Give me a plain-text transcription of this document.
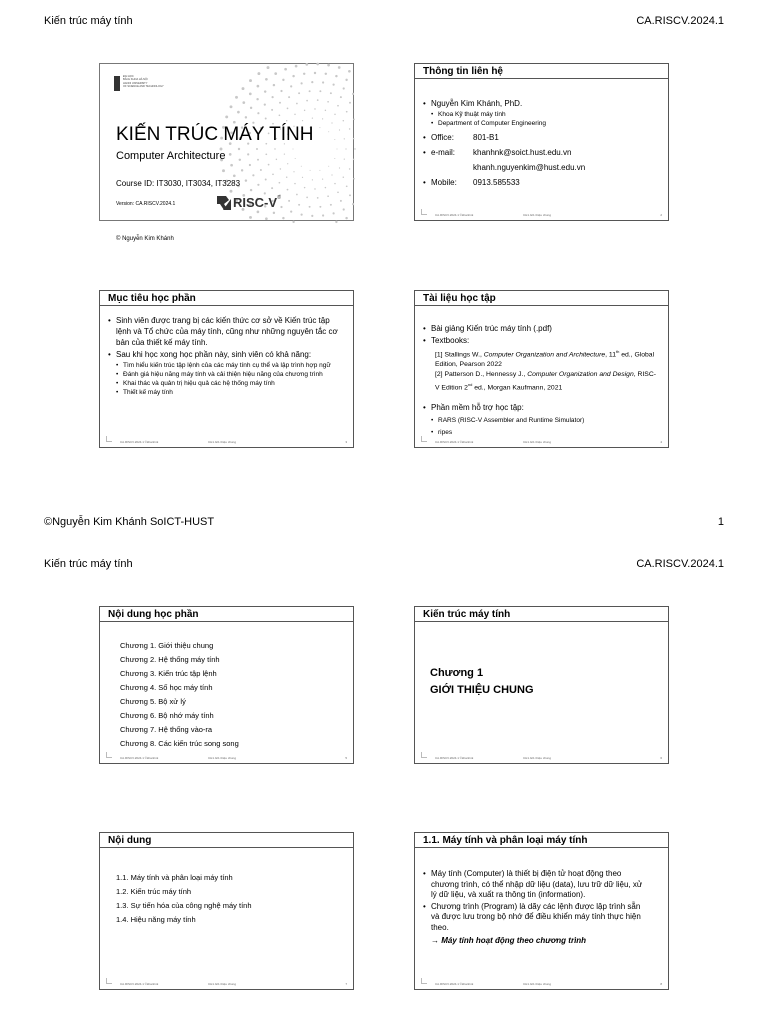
Kiến trúc máy tính	CA.RISCV.2024.1
ĐẠI HỌC
BÁCH KHOA HÀ NỘI
HANOI UNIVERSITY
OF SCIENCE AND TECHNOLOGY
KIẾN TRÚC MÁY TÍNH
Computer Architecture
Course ID: IT3030, IT3034, IT3283
Version: CA.RISCV.2024.1	RISC-V ®
© Nguyễn Kim Khánh
Thông tin liên hệ
• Nguyễn Kim Khánh, PhD.
• Khoa Kỹ thuật máy tính
• Department of Computer Engineering
• Office:	801-B1
• e-mail:	khanhnk@soict.hust.edu.vn
khanh.nguyenkim@hust.edu.vn
• Mobile:	0913.585533
CA.RISCV.2024.1 ©khanhnk	CH1.GI1 thiệu chung	2
Mục tiêu học phần
• Sinh viên được trang bị các kiến thức cơ sở về Kiến trúc tập lệnh và Tổ chức của máy tính, cũng như những nguyên tắc cơ bản của thiết kế máy tính.
• Sau khi học xong học phần này, sinh viên có khả năng:
• Tìm hiểu kiến trúc tập lệnh của các máy tính cụ thể và lập trình hợp ngữ
• Đánh giá hiệu năng máy tính và cải thiện hiệu năng của chương trình
• Khai thác và quản trị hiệu quả các hệ thống máy tính
• Thiết kế máy tính
CA.RISCV.2024.1 ©khanhnk	CH1.GI1 thiệu chung	3
Tài liệu học tập
• Bài giảng Kiến trúc máy tính (.pdf)
• Textbooks:
[1] Stallings W., Computer Organization and Architecture, 11th ed., Global Edition, Pearson 2022
[2] Patterson D., Hennessy J., Computer Organization and Design, RISC-V Edition 2nd ed., Morgan Kaufmann, 2021
• Phần mềm hỗ trợ học tập:
• RARS (RISC-V Assembler and Runtime Simulator)
• ripes
CA.RISCV.2024.1 ©khanhnk	CH1.GI1 thiệu chung	4
©Nguyễn Kim Khánh SoICT-HUST	1
Kiến trúc máy tính	CA.RISCV.2024.1
Nội dung học phần
Chương 1. Giới thiệu chung
Chương 2. Hệ thống máy tính
Chương 3. Kiến trúc tập lệnh
Chương 4. Số học máy tính
Chương 5. Bộ xử lý
Chương 6. Bộ nhớ máy tính
Chương 7. Hệ thống vào-ra
Chương 8. Các kiến trúc song song
CA.RISCV.2024.1 ©khanhnk	CH1.GI1 thiệu chung	5
Kiến trúc máy tính
Chương 1
GIỚI THIỆU CHUNG
CA.RISCV.2024.1 ©khanhnk	CH1.GI1 thiệu chung	6
Nội dung
1.1. Máy tính và phân loại máy tính
1.2. Kiến trúc máy tính
1.3. Sự tiến hóa của công nghệ máy tính
1.4. Hiệu năng máy tính
CA.RISCV.2024.1 ©khanhnk	CH1.GI1 thiệu chung	7
1.1. Máy tính và phân loại máy tính
• Máy tính (Computer) là thiết bị điện tử hoạt động theo chương trình, có thể nhập dữ liệu (data), lưu trữ dữ liệu, xử lý dữ liệu, và xuất ra thông tin (information).
• Chương trình (Program) là dãy các lệnh được lập trình sẵn và được lưu trong bộ nhớ để điều khiển máy tính thực hiện theo.
→ Máy tính hoạt động theo chương trình
CA.RISCV.2024.1 ©khanhnk	CH1.GI1 thiệu chung	8
